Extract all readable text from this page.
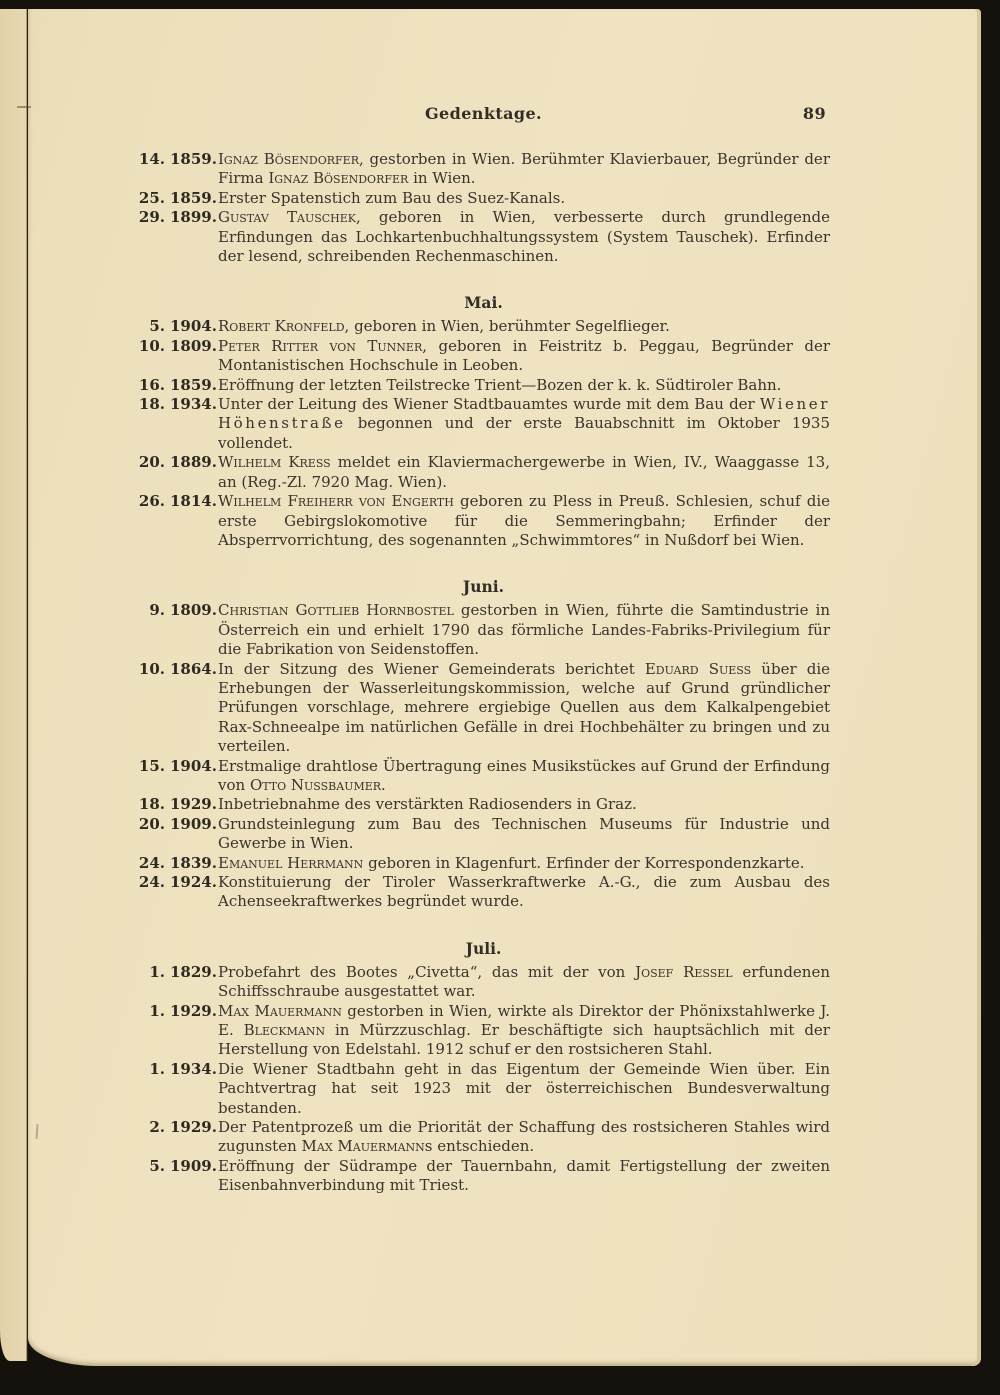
Gedenktage.	89
14. 1859. Ignaz Bösendorfer, gestorben in Wien. Berühmter Klavierbauer, Begründer der Firma Ignaz Bösendorfer in Wien.
25. 1859. Erster Spatenstich zum Bau des Suez-Kanals.
29. 1899. Gustav Tauschek, geboren in Wien, verbesserte durch grundlegende Erfindungen das Lochkartenbuchhaltungssystem (System Tauschek). Erfinder der lesend, schreibenden Rechenmaschinen.
Mai.
5. 1904. Robert Kronfeld, geboren in Wien, berühmter Segelflieger.
10. 1809. Peter Ritter von Tunner, geboren in Feistritz b. Peggau, Begründer der Montanistischen Hochschule in Leoben.
16. 1859. Eröffnung der letzten Teilstrecke Trient—Bozen der k. k. Südtiroler Bahn.
18. 1934. Unter der Leitung des Wiener Stadtbauamtes wurde mit dem Bau der Wiener Höhenstraße begonnen und der erste Bauabschnitt im Oktober 1935 vollendet.
20. 1889. Wilhelm Kress meldet ein Klaviermachergewerbe in Wien, IV., Waaggasse 13, an (Reg.-Zl. 7920 Mag. Wien).
26. 1814. Wilhelm Freiherr von Engerth geboren zu Pless in Preuß. Schlesien, schuf die erste Gebirgslokomotive für die Semmeringbahn; Erfinder der Absperrvorrichtung, des sogenannten „Schwimmtores“ in Nußdorf bei Wien.
Juni.
9. 1809. Christian Gottlieb Hornbostel gestorben in Wien, führte die Samtindustrie in Österreich ein und erhielt 1790 das förmliche Landes-Fabriks-Privilegium für die Fabrikation von Seidenstoffen.
10. 1864. In der Sitzung des Wiener Gemeinderats berichtet Eduard Suess über die Erhebungen der Wasserleitungskommission, welche auf Grund gründlicher Prüfungen vorschlage, mehrere ergiebige Quellen aus dem Kalkalpengebiet Rax-Schneealpe im natürlichen Gefälle in drei Hochbehälter zu bringen und zu verteilen.
15. 1904. Erstmalige drahtlose Übertragung eines Musikstückes auf Grund der Erfindung von Otto Nussbaumer.
18. 1929. Inbetriebnahme des verstärkten Radiosenders in Graz.
20. 1909. Grundsteinlegung zum Bau des Technischen Museums für Industrie und Gewerbe in Wien.
24. 1839. Emanuel Herrmann geboren in Klagenfurt. Erfinder der Korrespondenzkarte.
24. 1924. Konstituierung der Tiroler Wasserkraftwerke A.-G., die zum Ausbau des Achenseekraftwerkes begründet wurde.
Juli.
1. 1829. Probefahrt des Bootes „Civetta“, das mit der von Josef Ressel erfundenen Schiffsschraube ausgestattet war.
1. 1929. Max Mauermann gestorben in Wien, wirkte als Direktor der Phönixstahlwerke J. E. Bleckmann in Mürzzuschlag. Er beschäftigte sich hauptsächlich mit der Herstellung von Edelstahl. 1912 schuf er den rostsicheren Stahl.
1. 1934. Die Wiener Stadtbahn geht in das Eigentum der Gemeinde Wien über. Ein Pachtvertrag hat seit 1923 mit der österreichischen Bundesverwaltung bestanden.
2. 1929. Der Patentprozeß um die Priorität der Schaffung des rostsicheren Stahles wird zugunsten Max Mauermanns entschieden.
5. 1909. Eröffnung der Südrampe der Tauernbahn, damit Fertigstellung der zweiten Eisenbahnverbindung mit Triest.
